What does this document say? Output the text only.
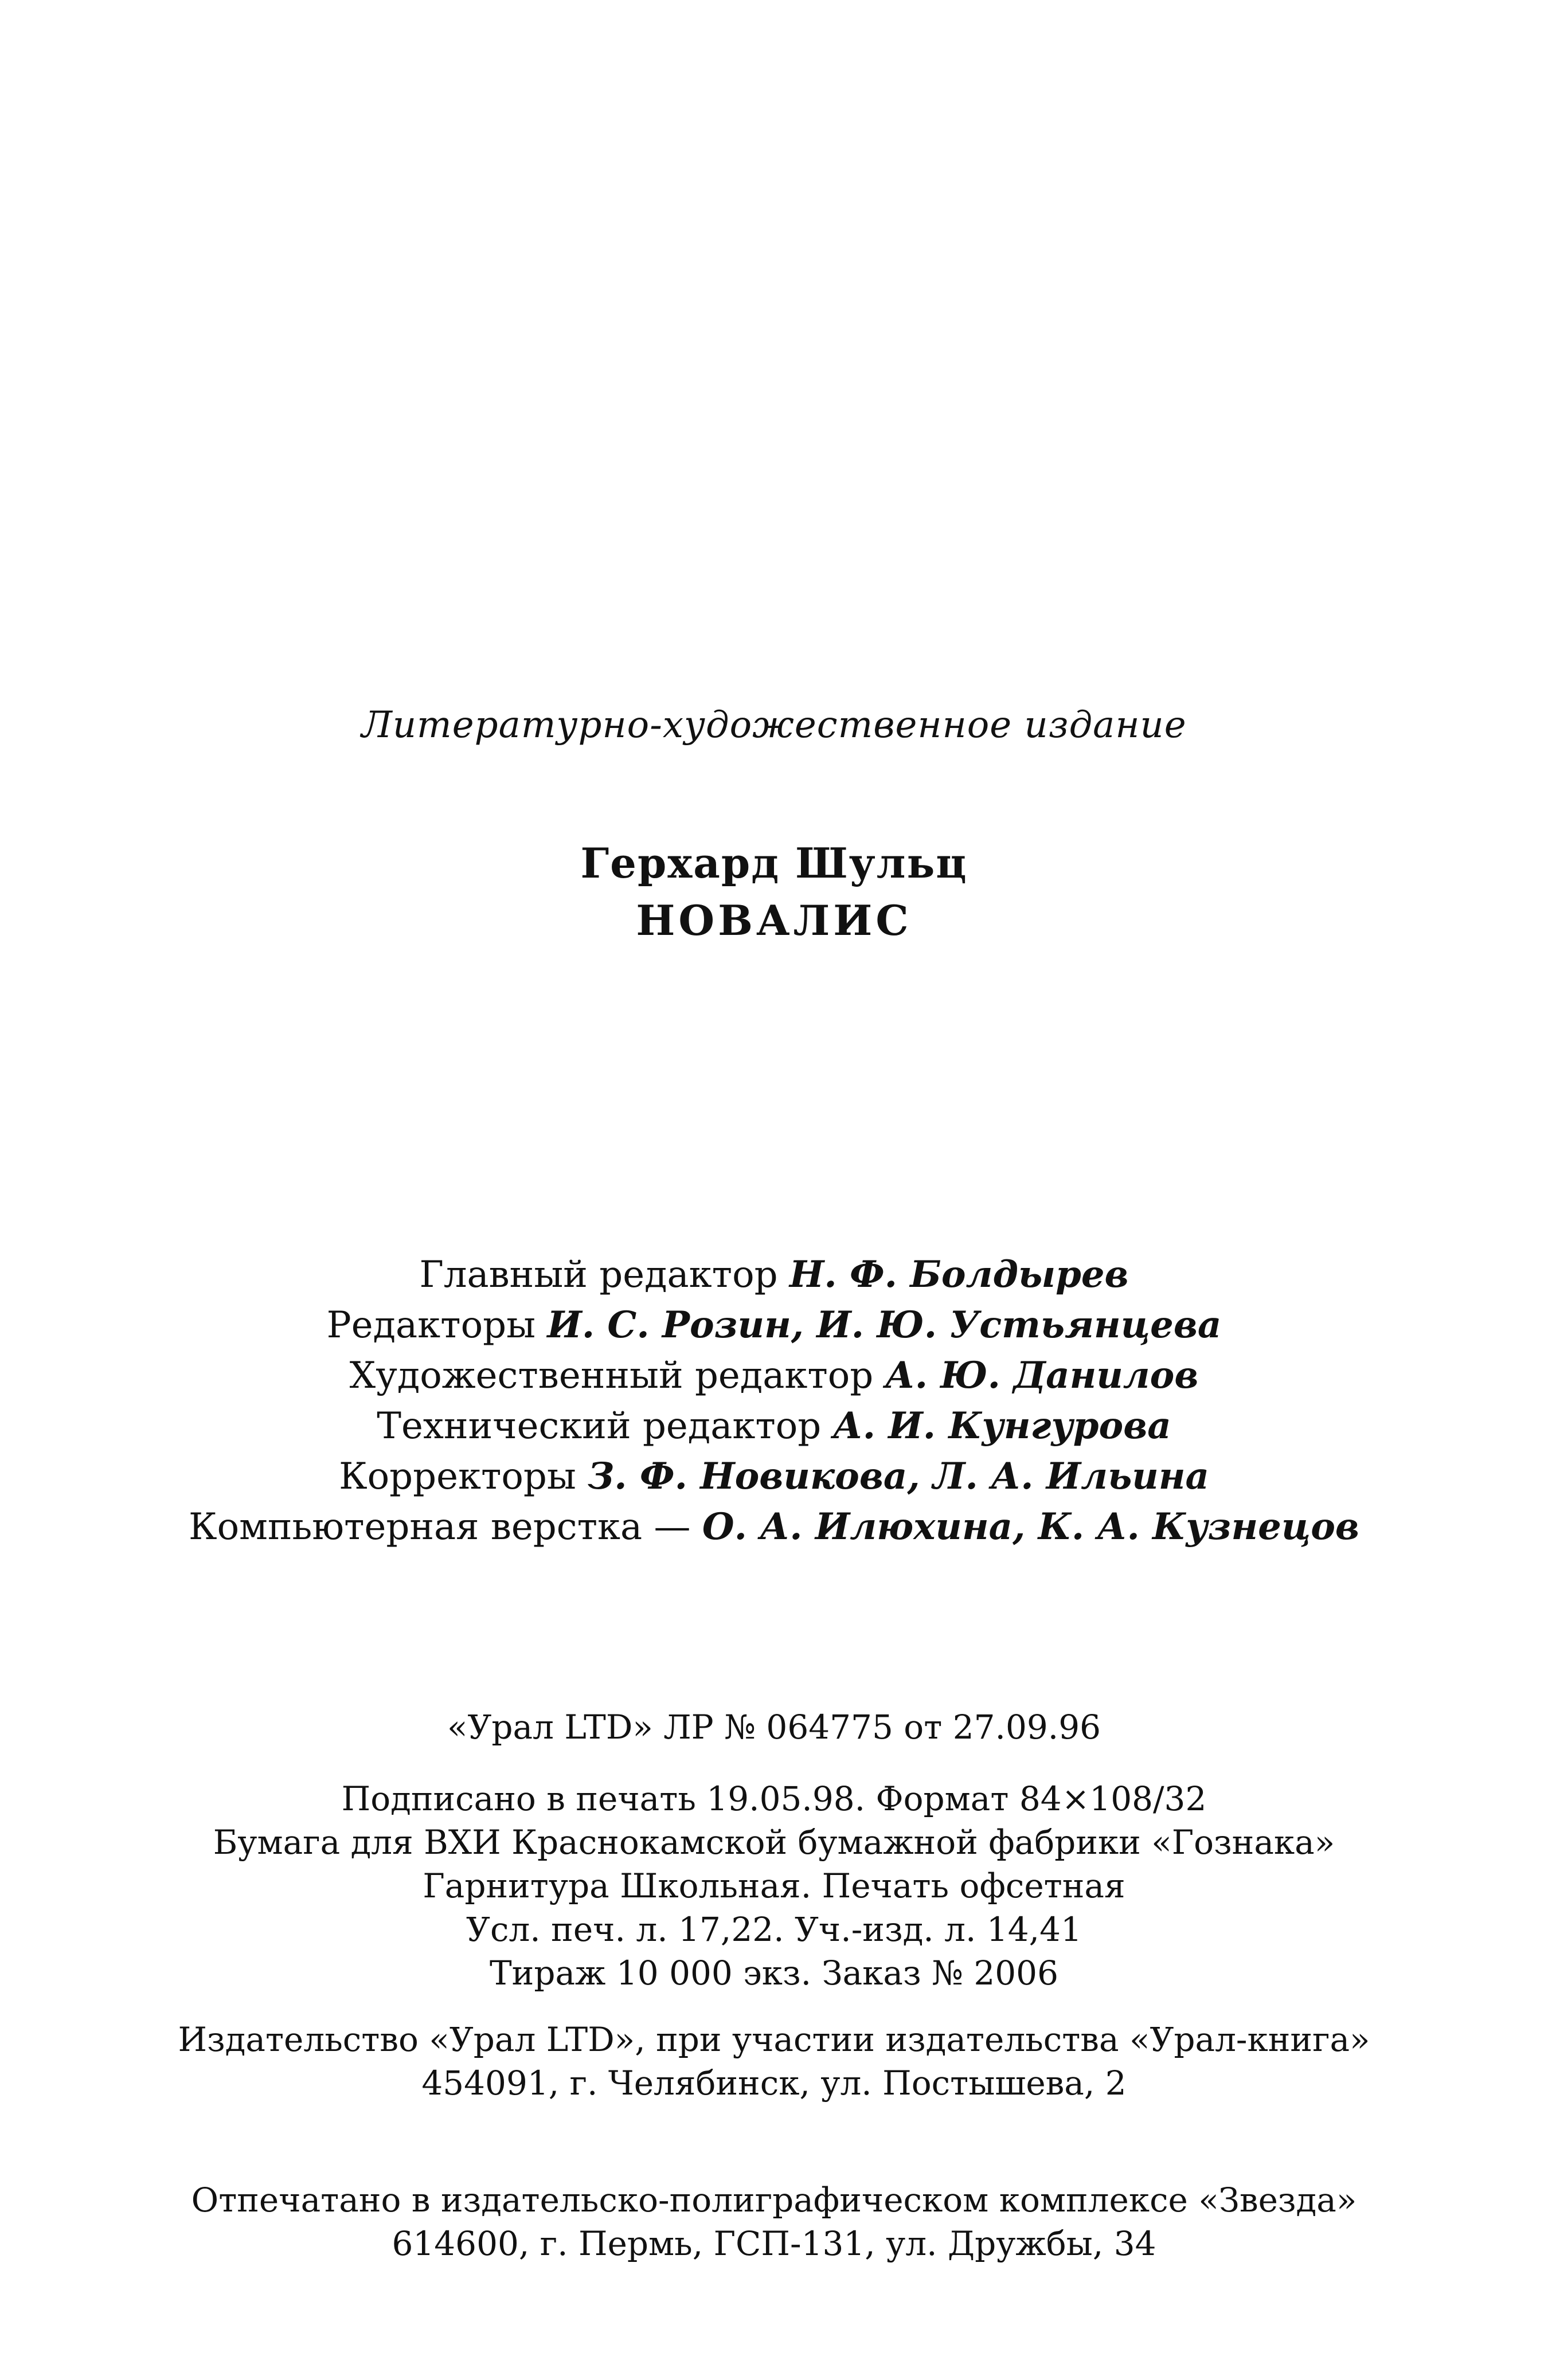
Литературно-художественное издание
Герхард Шульц
НОВАЛИС
Главный редактор Н. Ф. Болдырев
Редакторы И. С. Розин, И. Ю. Устьянцева
Художественный редактор А. Ю. Данилов
Технический редактор А. И. Кунгурова
Корректоры З. Ф. Новикова, Л. А. Ильина
Компьютерная верстка — О. А. Илюхина, К. А. Кузнецов
«Урал LTD» ЛР № 064775 от 27.09.96
Подписано в печать 19.05.98. Формат 84×108/32
Бумага для ВХИ Краснокамской бумажной фабрики «Гознака»
Гарнитура Школьная. Печать офсетная
Усл. печ. л. 17,22. Уч.-изд. л. 14,41
Тираж 10 000 экз. Заказ № 2006
Издательство «Урал LTD», при участии издательства «Урал-книга»
454091, г. Челябинск, ул. Постышева, 2
Отпечатано в издательско-полиграфическом комплексе «Звезда»
614600, г. Пермь, ГСП-131, ул. Дружбы, 34
